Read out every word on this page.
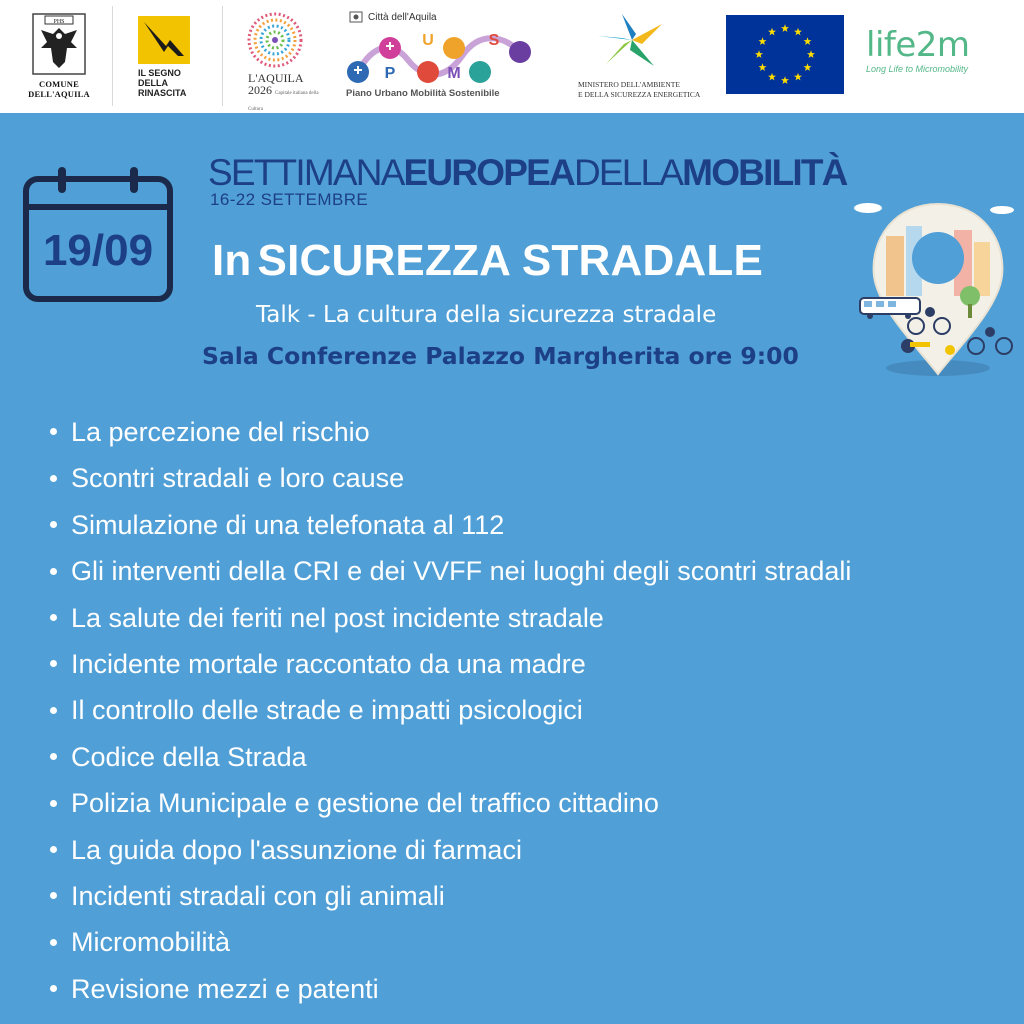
PHS
COMUNE DELL'AQUILA
IL SEGNO
DELLA
RINASCITA
L'AQUILA
2026 Capitale italiana della Cultura
Città dell'Aquila
U	S
P	M
Piano Urbano Mobilità Sostenibile
MINISTERO DELL'AMBIENTE
E DELLA SICUREZZA ENERGETICA
life2m
Long Life to Micromobility
19/09
SETTIMANAEUROPEADELLAMOBILITÀ
16-22 SETTEMBRE
In SICUREZZA STRADALE
Talk - La cultura della sicurezza stradale
Sala Conferenze Palazzo Margherita ore 9:00
La percezione del rischio
Scontri stradali e loro cause
Simulazione di una telefonata al 112
Gli interventi della CRI e dei VVFF nei luoghi degli scontri stradali
La salute dei feriti nel post incidente stradale
Incidente mortale raccontato da una madre
Il controllo delle strade e impatti psicologici
Codice della Strada
Polizia Municipale e gestione del traffico cittadino
La guida dopo l'assunzione di farmaci
Incidenti stradali con gli animali
Micromobilità
Revisione mezzi e patenti
